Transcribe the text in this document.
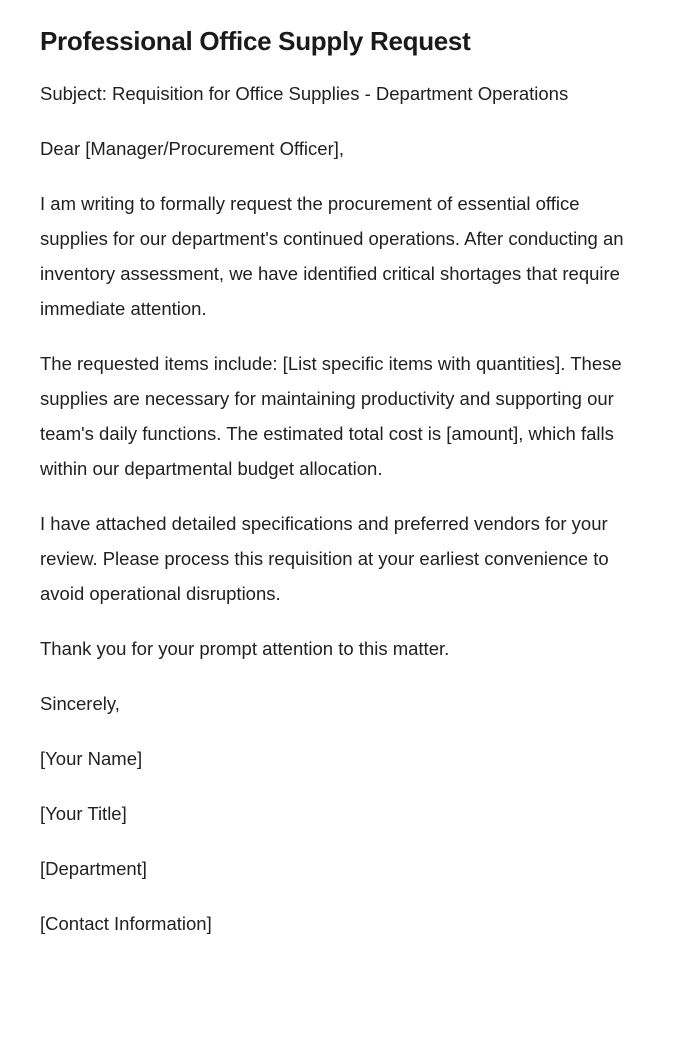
Professional Office Supply Request

Subject: Requisition for Office Supplies - Department Operations

Dear [Manager/Procurement Officer],

I am writing to formally request the procurement of essential office supplies for our department's continued operations. After conducting an inventory assessment, we have identified critical shortages that require immediate attention.

The requested items include: [List specific items with quantities]. These supplies are necessary for maintaining productivity and supporting our team's daily functions. The estimated total cost is [amount], which falls within our departmental budget allocation.

I have attached detailed specifications and preferred vendors for your review. Please process this requisition at your earliest convenience to avoid operational disruptions.

Thank you for your prompt attention to this matter.

Sincerely,

[Your Name]

[Your Title]

[Department]

[Contact Information]
